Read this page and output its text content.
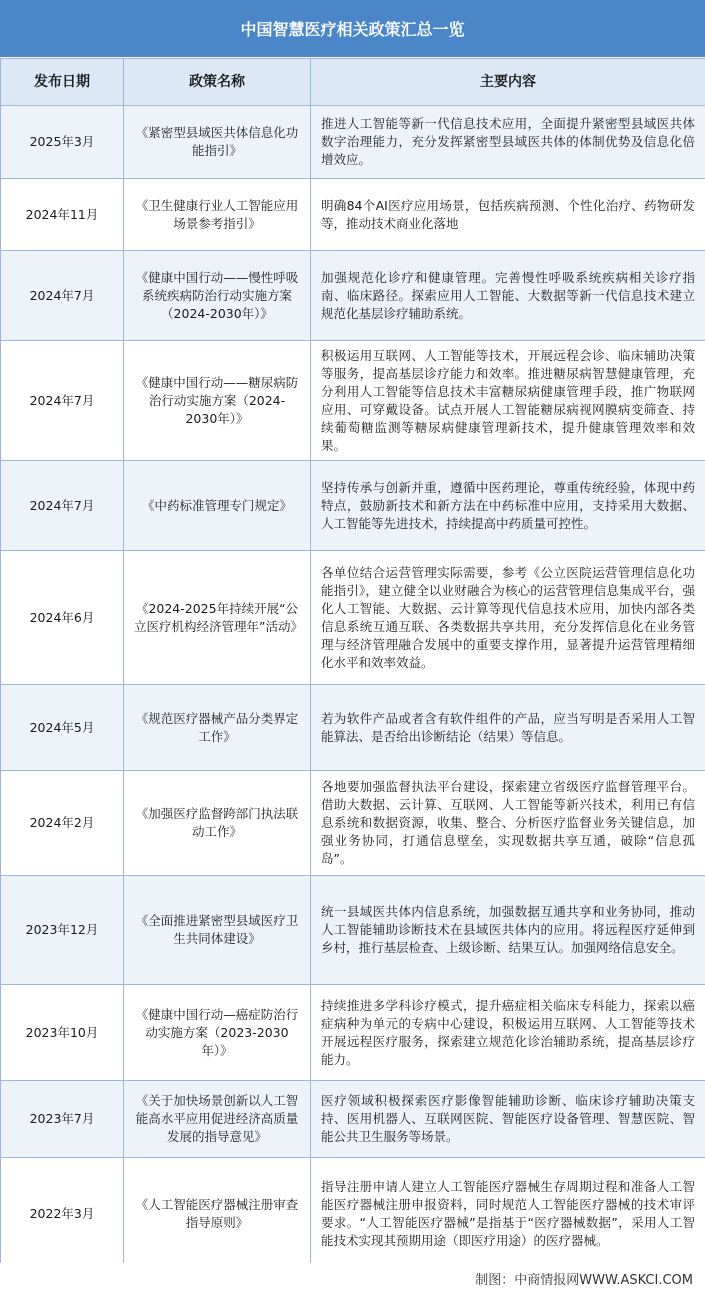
中国智慧医疗相关政策汇总一览
发布日期	政策名称	主要内容
2025年3月	《紧密型县域医共体信息化功能指引》	推进人工智能等新一代信息技术应用，全面提升紧密型县域医共体数字治理能力，充分发挥紧密型县域医共体的体制优势及信息化倍增效应。
2024年11月	《卫生健康行业人工智能应用场景参考指引》	明确84个AI医疗应用场景，包括疾病预测、个性化治疗、药物研发等，推动技术商业化落地
2024年7月	《健康中国行动——慢性呼吸系统疾病防治行动实施方案（2024-2030年）》	加强规范化诊疗和健康管理。完善慢性呼吸系统疾病相关诊疗指南、临床路径。探索应用人工智能、大数据等新一代信息技术建立规范化基层诊疗辅助系统。
2024年7月	《健康中国行动——糖尿病防治行动实施方案（2024-2030年）》	积极运用互联网、人工智能等技术，开展远程会诊、临床辅助决策等服务，提高基层诊疗能力和效率。推进糖尿病智慧健康管理，充分利用人工智能等信息技术丰富糖尿病健康管理手段，推广物联网应用、可穿戴设备。试点开展人工智能糖尿病视网膜病变筛查、持续葡萄糖监测等糖尿病健康管理新技术，提升健康管理效率和效果。
2024年7月	《中药标准管理专门规定》	坚持传承与创新并重，遵循中医药理论，尊重传统经验，体现中药特点，鼓励新技术和新方法在中药标准中应用，支持采用大数据、人工智能等先进技术，持续提高中药质量可控性。
2024年6月	《2024-2025年持续开展“公立医疗机构经济管理年”活动》	各单位结合运营管理实际需要，参考《公立医院运营管理信息化功能指引》，建立健全以业财融合为核心的运营管理信息集成平台，强化人工智能、大数据、云计算等现代信息技术应用，加快内部各类信息系统互通互联、各类数据共享共用，充分发挥信息化在业务管理与经济管理融合发展中的重要支撑作用，显著提升运营管理精细化水平和效率效益。
2024年5月	《规范医疗器械产品分类界定工作》	若为软件产品或者含有软件组件的产品，应当写明是否采用人工智能算法、是否给出诊断结论（结果）等信息。
2024年2月	《加强医疗监督跨部门执法联动工作》	各地要加强监督执法平台建设，探索建立省级医疗监督管理平台。借助大数据、云计算、互联网、人工智能等新兴技术，利用已有信息系统和数据资源，收集、整合、分析医疗监督业务关键信息，加强业务协同，打通信息壁垒，实现数据共享互通，破除“信息孤岛”。
2023年12月	《全面推进紧密型县域医疗卫生共同体建设》	统一县域医共体内信息系统，加强数据互通共享和业务协同，推动人工智能辅助诊断技术在县域医共体内的应用。将远程医疗延伸到乡村，推行基层检查、上级诊断、结果互认。加强网络信息安全。
2023年10月	《健康中国行动—癌症防治行动实施方案（2023-2030年）》	持续推进多学科诊疗模式，提升癌症相关临床专科能力，探索以癌症病种为单元的专病中心建设，积极运用互联网、人工智能等技术开展远程医疗服务，探索建立规范化诊治辅助系统，提高基层诊疗能力。
2023年7月	《关于加快场景创新以人工智能高水平应用促进经济高质量发展的指导意见》	医疗领域积极探索医疗影像智能辅助诊断、临床诊疗辅助决策支持、医用机器人、互联网医院、智能医疗设备管理、智慧医院、智能公共卫生服务等场景。
2022年3月	《人工智能医疗器械注册审查指导原则》	指导注册申请人建立人工智能医疗器械生存周期过程和准备人工智能医疗器械注册申报资料，同时规范人工智能医疗器械的技术审评要求。“人工智能医疗器械”是指基于“医疗器械数据”，采用人工智能技术实现其预期用途（即医疗用途）的医疗器械。
制图：中商情报网WWW.ASKCI.COM
